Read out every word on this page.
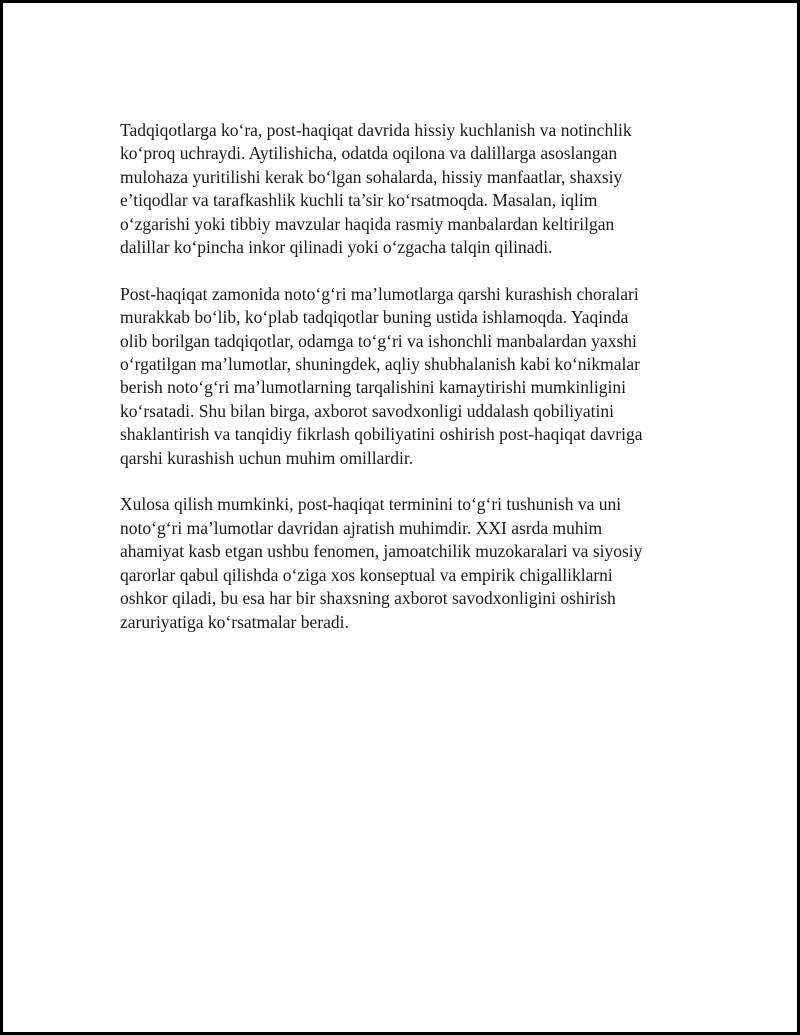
Tadqiqotlarga ko‘ra, post-haqiqat davrida hissiy kuchlanish va notinchlik
ko‘proq uchraydi. Aytilishicha, odatda oqilona va dalillarga asoslangan
mulohaza yuritilishi kerak bo‘lgan sohalarda, hissiy manfaatlar, shaxsiy
e’tiqodlar va tarafkashlik kuchli ta’sir ko‘rsatmoqda. Masalan, iqlim
o‘zgarishi yoki tibbiy mavzular haqida rasmiy manbalardan keltirilgan
dalillar ko‘pincha inkor qilinadi yoki o‘zgacha talqin qilinadi.

Post-haqiqat zamonida noto‘g‘ri ma’lumotlarga qarshi kurashish choralari
murakkab bo‘lib, ko‘plab tadqiqotlar buning ustida ishlamoqda. Yaqinda
olib borilgan tadqiqotlar, odamga to‘g‘ri va ishonchli manbalardan yaxshi
o‘rgatilgan ma’lumotlar, shuningdek, aqliy shubhalanish kabi ko‘nikmalar
berish noto‘g‘ri ma’lumotlarning tarqalishini kamaytirishi mumkinligini
ko‘rsatadi. Shu bilan birga, axborot savodxonligi uddalash qobiliyatini
shaklantirish va tanqidiy fikrlash qobiliyatini oshirish post-haqiqat davriga
qarshi kurashish uchun muhim omillardir.

Xulosa qilish mumkinki, post-haqiqat terminini to‘g‘ri tushunish va uni
noto‘g‘ri ma’lumotlar davridan ajratish muhimdir. XXI asrda muhim
ahamiyat kasb etgan ushbu fenomen, jamoatchilik muzokaralari va siyosiy
qarorlar qabul qilishda o‘ziga xos konseptual va empirik chigalliklarni
oshkor qiladi, bu esa har bir shaxsning axborot savodxonligini oshirish
zaruriyatiga ko‘rsatmalar beradi.
